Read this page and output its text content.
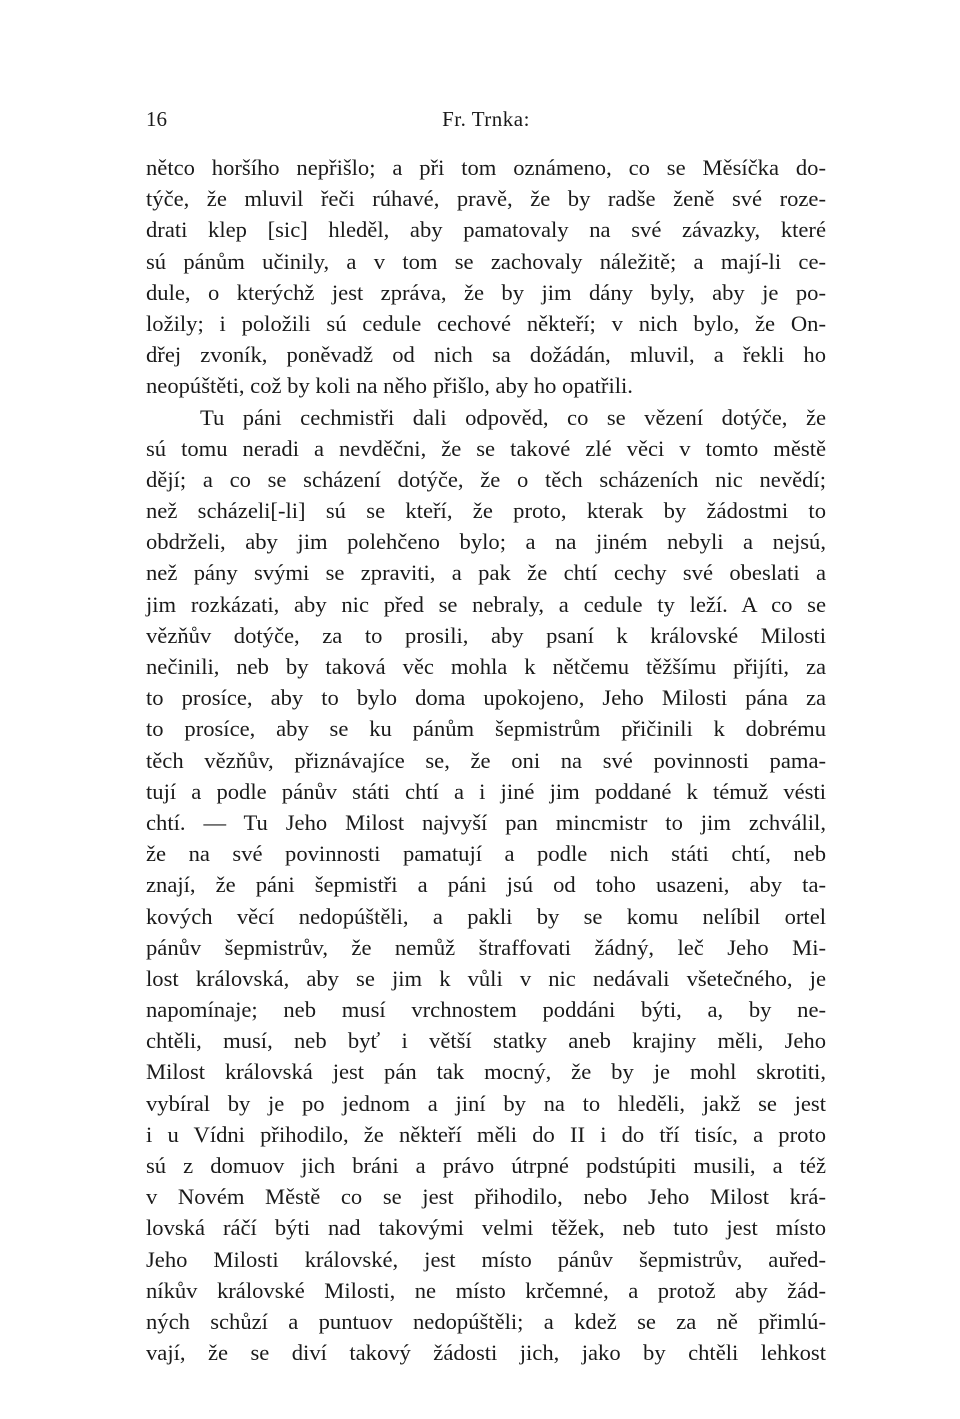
16	Fr. Trnka:
nětco horšího nepřišlo; a při tom oznámeno, co se Měsíčka do-
týče, že mluvil řeči rúhavé, pravě, že by radše ženě své roze-
drati klep [sic] hleděl, aby pamatovaly na své závazky, které
sú pánům učinily, a v tom se zachovaly náležitě; a mají-li ce-
dule, o kterýchž jest zpráva, že by jim dány byly, aby je po-
ložily; i položili sú cedule cechové někteří; v nich bylo, že On-
dřej zvoník, poněvadž od nich sa dožádán, mluvil, a řekli ho
neopúštěti, což by koli na něho přišlo, aby ho opatřili.
Tu páni cechmistři dali odpověd, co se vězení dotýče, že
sú tomu neradi a nevděčni, že se takové zlé věci v tomto městě
dějí; a co se scházení dotýče, že o těch scházeních nic nevědí;
než scházeli[-li] sú se kteří, že proto, kterak by žádostmi to
obdrželi, aby jim polehčeno bylo; a na jiném nebyli a nejsú,
než pány svými se zpraviti, a pak že chtí cechy své obeslati a
jim rozkázati, aby nic před se nebraly, a cedule ty leží. A co se
vězňův dotýče, za to prosili, aby psaní k královské Milosti
nečinili, neb by taková věc mohla k nětčemu těžšímu přijíti, za
to prosíce, aby to bylo doma upokojeno, Jeho Milosti pána za
to prosíce, aby se ku pánům šepmistrům přičinili k dobrému
těch vězňův, přiznávajíce se, že oni na své povinnosti pama-
tují a podle pánův státi chtí a i jiné jim poddané k témuž vésti
chtí. — Tu Jeho Milost najvyší pan mincmistr to jim zchválil,
že na své povinnosti pamatují a podle nich státi chtí, neb
znají, že páni šepmistři a páni jsú od toho usazeni, aby ta-
kových věcí nedopúštěli, a pakli by se komu nelíbil ortel
pánův šepmistrův, že nemůž štraffovati žádný, leč Jeho Mi-
lost královská, aby se jim k vůli v nic nedávali všetečného, je
napomínaje; neb musí vrchnostem poddáni býti, a, by ne-
chtěli, musí, neb byť i větší statky aneb krajiny měli, Jeho
Milost královská jest pán tak mocný, že by je mohl skrotiti,
vybíral by je po jednom a jiní by na to hleděli, jakž se jest
i u Vídni přihodilo, že někteří měli do II i do tří tisíc, a proto
sú z domuov jich bráni a právo útrpné podstúpiti musili, a též
v Novém Městě co se jest přihodilo, nebo Jeho Milost krá-
lovská ráčí býti nad takovými velmi těžek, neb tuto jest místo
Jeho Milosti královské, jest místo pánův šepmistrův, auřed-
níkův královské Milosti, ne místo krčemné, a protož aby žád-
ných schůzí a puntuov nedopúštěli; a kdež se za ně přimlú-
vají, že se diví takový žádosti jich, jako by chtěli lehkost
